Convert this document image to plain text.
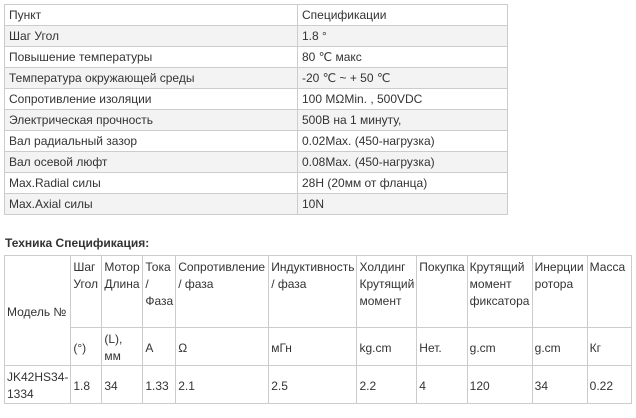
Пункт	Спецификации
Шаг Угол	1.8 °
Повышение температуры	80 ℃ макс
Температура окружающей среды	-20 ℃ ~ + 50 ℃
Сопротивление изоляции	100 MΩMin. , 500VDC
Электрическая прочность	500В на 1 минуту,
Вал радиальный зазор	0.02Max. (450-нагрузка)
Вал осевой люфт	0.08Max. (450-нагрузка)
Max.Radial силы	28H (20мм от фланца)
Max.Axial силы	10N
Техника Спецификация:
Модель №	Шаг Угол	Мотор Длина	Тока / Фаза	Сопротивление / фаза	Индуктивность / фаза	Холдинг Крутящий момент	Покупка	Крутящий момент фиксатора	Инерции ротора	Масса
	(°)	(L), мм	A	Ω	мГн	kg.cm	Нет.	g.cm	g.cm	Кг
JK42HS34-1334	1.8	34	1.33	2.1	2.5	2.2	4	120	34	0.22
